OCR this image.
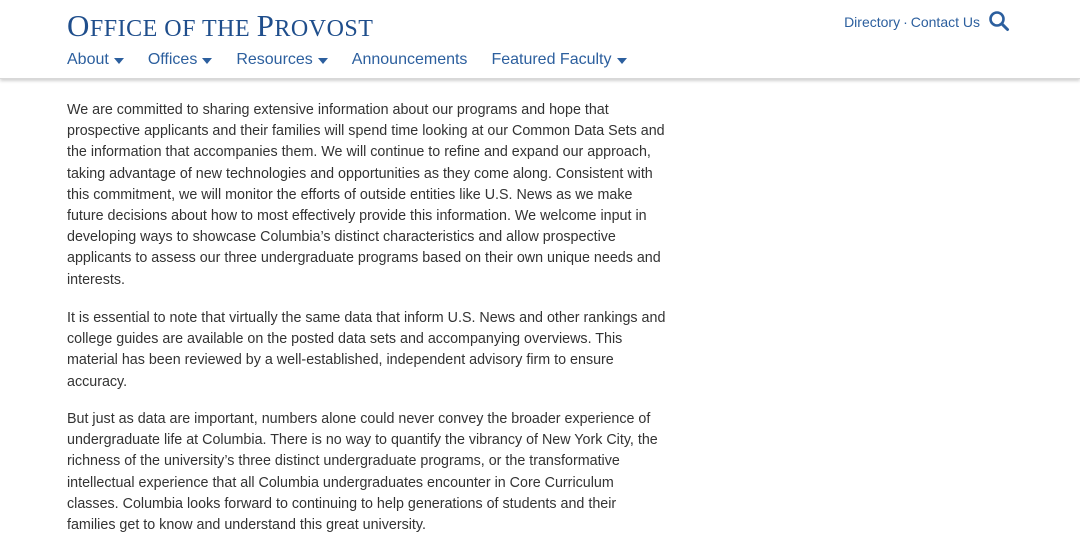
OFFICE OF THE PROVOST	Directory · Contact Us
About Offices Resources Announcements Featured Faculty

We are committed to sharing extensive information about our programs and hope that prospective applicants and their families will spend time looking at our Common Data Sets and the information that accompanies them. We will continue to refine and expand our approach, taking advantage of new technologies and opportunities as they come along. Consistent with this commitment, we will monitor the efforts of outside entities like U.S. News as we make future decisions about how to most effectively provide this information. We welcome input in developing ways to showcase Columbia’s distinct characteristics and allow prospective applicants to assess our three undergraduate programs based on their own unique needs and interests.

It is essential to note that virtually the same data that inform U.S. News and other rankings and college guides are available on the posted data sets and accompanying overviews. This material has been reviewed by a well-established, independent advisory firm to ensure accuracy.

But just as data are important, numbers alone could never convey the broader experience of undergraduate life at Columbia. There is no way to quantify the vibrancy of New York City, the richness of the university’s three distinct undergraduate programs, or the transformative intellectual experience that all Columbia undergraduates encounter in Core Curriculum classes. Columbia looks forward to continuing to help generations of students and their families get to know and understand this great university.
